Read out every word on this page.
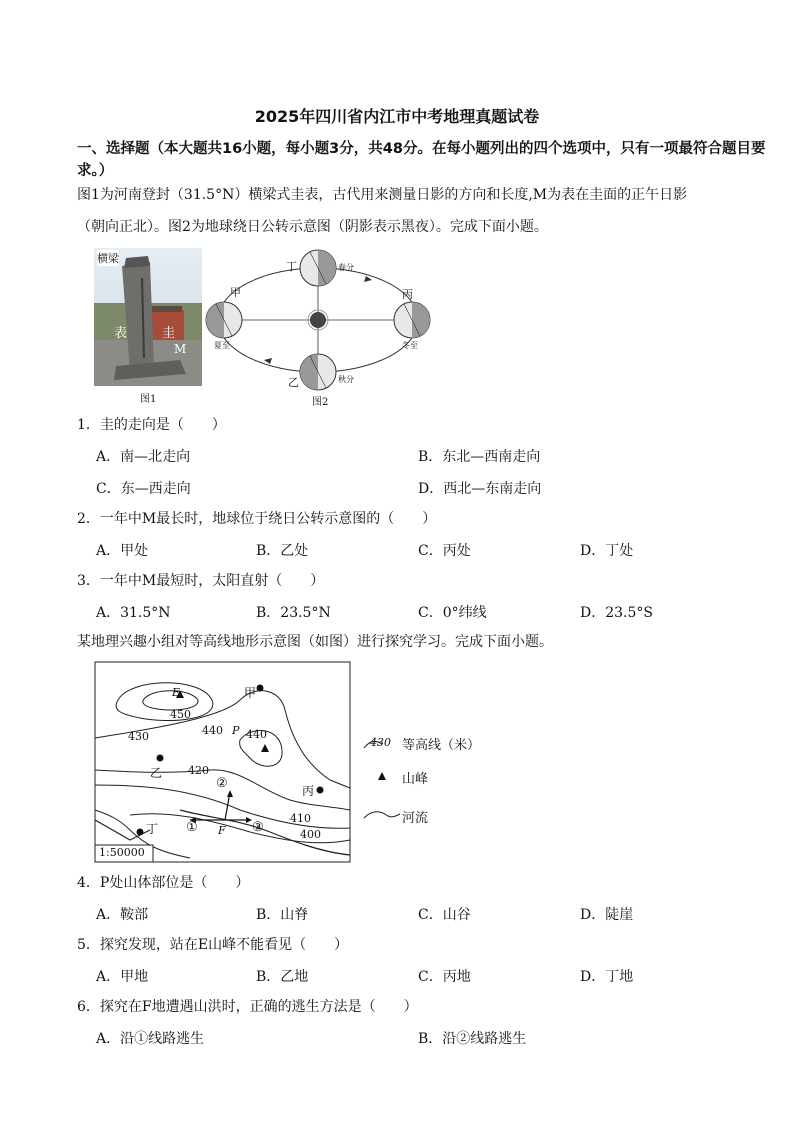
2025年四川省内江市中考地理真题试卷
一、选择题（本大题共16小题，每小题3分，共48分。在每小题列出的四个选项中，只有一项最符合题目要求。）
图1为河南登封（31.5°N）横梁式圭表，古代用来测量日影的方向和长度,M为表在圭面的正午日影
（朝向正北）。图2为地球绕日公转示意图（阴影表示黑夜）。完成下面小题。
横梁
表	圭
M
图1
丁	春分
甲
夏至
丙
冬至
乙	秋分
图2
1．圭的走向是（　　）
A．南—北走向	B．东北—西南走向
C．东—西走向	D．西北—东南走向
2．一年中M最长时，地球位于绕日公转示意图的（　　）
A．甲处	B．乙处	C．丙处	D．丁处
3．一年中M最短时，太阳直射（　　）
A．31.5°N	B．23.5°N	C．0°纬线	D．23.5°S
某地理兴趣小组对等高线地形示意图（如图）进行探究学习。完成下面小题。
E
450
甲
440 P 440
430
乙 420
丙
②
410
丁 ① F ③	400
1:50000
430 等高线（米）
山峰
河流
4．P处山体部位是（　　）
A．鞍部	B．山脊	C．山谷	D．陡崖
5．探究发现，站在E山峰不能看见（　　）
A．甲地	B．乙地	C．丙地	D．丁地
6．探究在F地遭遇山洪时，正确的逃生方法是（　　）
A．沿①线路逃生	B．沿②线路逃生
